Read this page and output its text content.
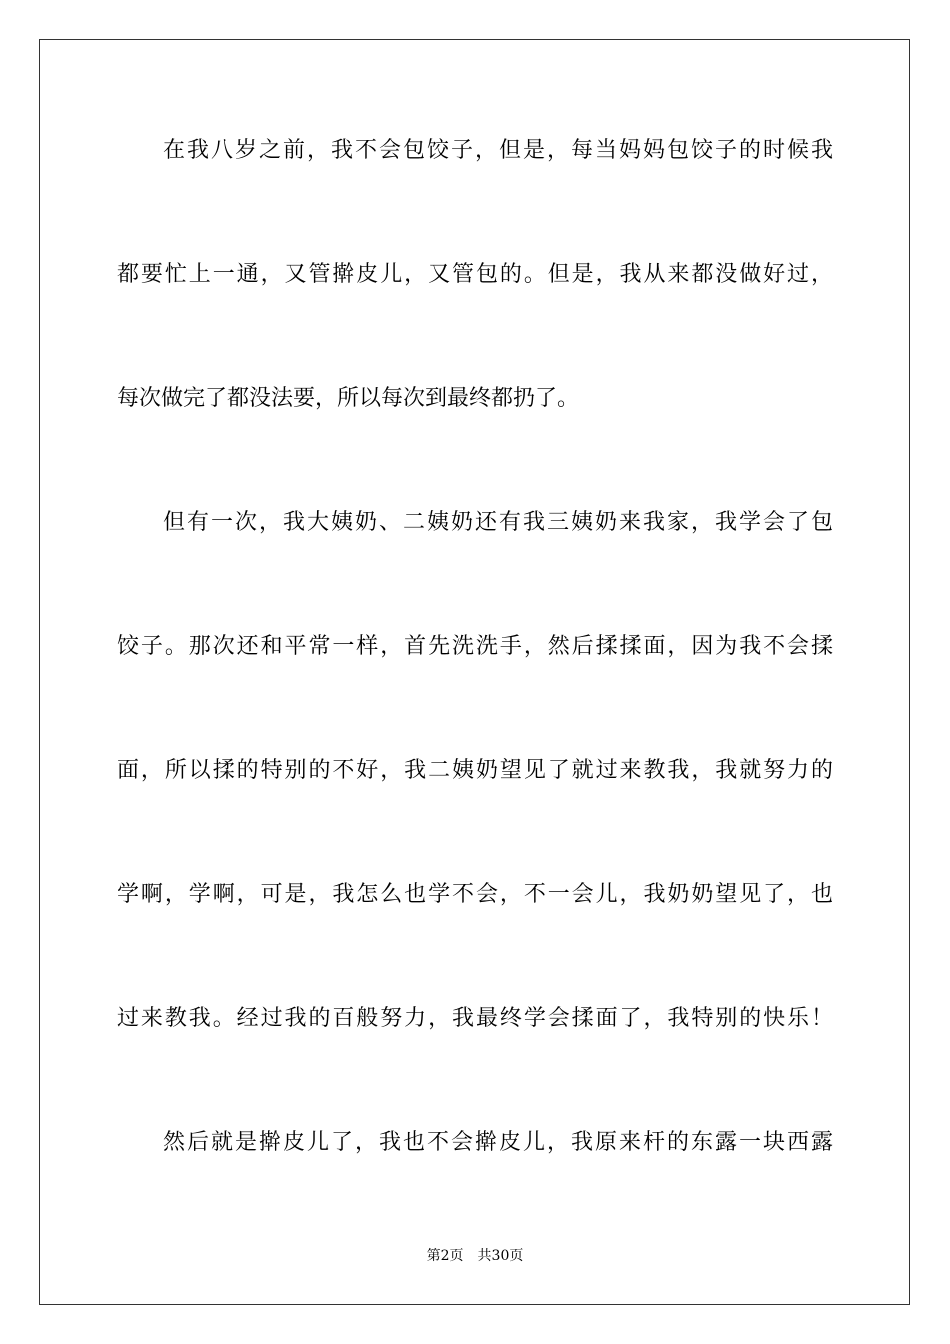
在我八岁之前，我不会包饺子，但是，每当妈妈包饺子的时候我
都要忙上一通，又管擀皮儿，又管包的。但是，我从来都没做好过，
每次做完了都没法要，所以每次到最终都扔了。
但有一次，我大姨奶、二姨奶还有我三姨奶来我家，我学会了包
饺子。那次还和平常一样，首先洗洗手，然后揉揉面，因为我不会揉
面，所以揉的特别的不好，我二姨奶望见了就过来教我，我就努力的
学啊，学啊，可是，我怎么也学不会，不一会儿，我奶奶望见了，也
过来教我。经过我的百般努力，我最终学会揉面了，我特别的快乐！
然后就是擀皮儿了，我也不会擀皮儿，我原来杆的东露一块西露
第2页 共30页
